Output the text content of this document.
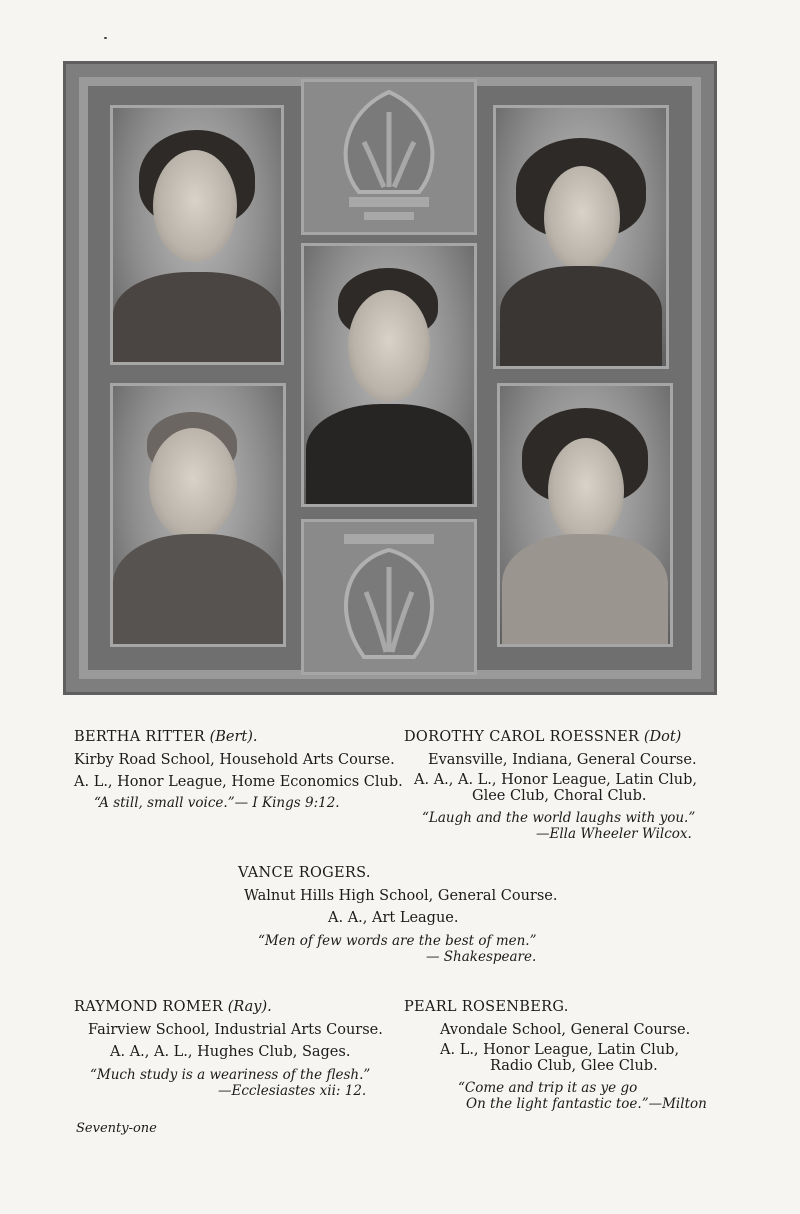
BERTHA RITTER (Bert).
Kirby Road School, Household Arts Course.
A. L., Honor League, Home Economics Club.
“A still, small voice.”— I Kings 9:12.
DOROTHY CAROL ROESSNER (Dot)
Evansville, Indiana, General Course.
A. A., A. L., Honor League, Latin Club,
Glee Club, Choral Club.
“Laugh and the world laughs with you.”
—Ella Wheeler Wilcox.
VANCE ROGERS.
Walnut Hills High School, General Course.
A. A., Art League.
“Men of few words are the best of men.”
— Shakespeare.
RAYMOND ROMER (Ray).
Fairview School, Industrial Arts Course.
A. A., A. L., Hughes Club, Sages.
“Much study is a weariness of the flesh.”
—Ecclesiastes xii: 12.
PEARL ROSENBERG.
Avondale School, General Course.
A. L., Honor League, Latin Club,
Radio Club, Glee Club.
“Come and trip it as ye go
On the light fantastic toe.”—Milton
Seventy-one
